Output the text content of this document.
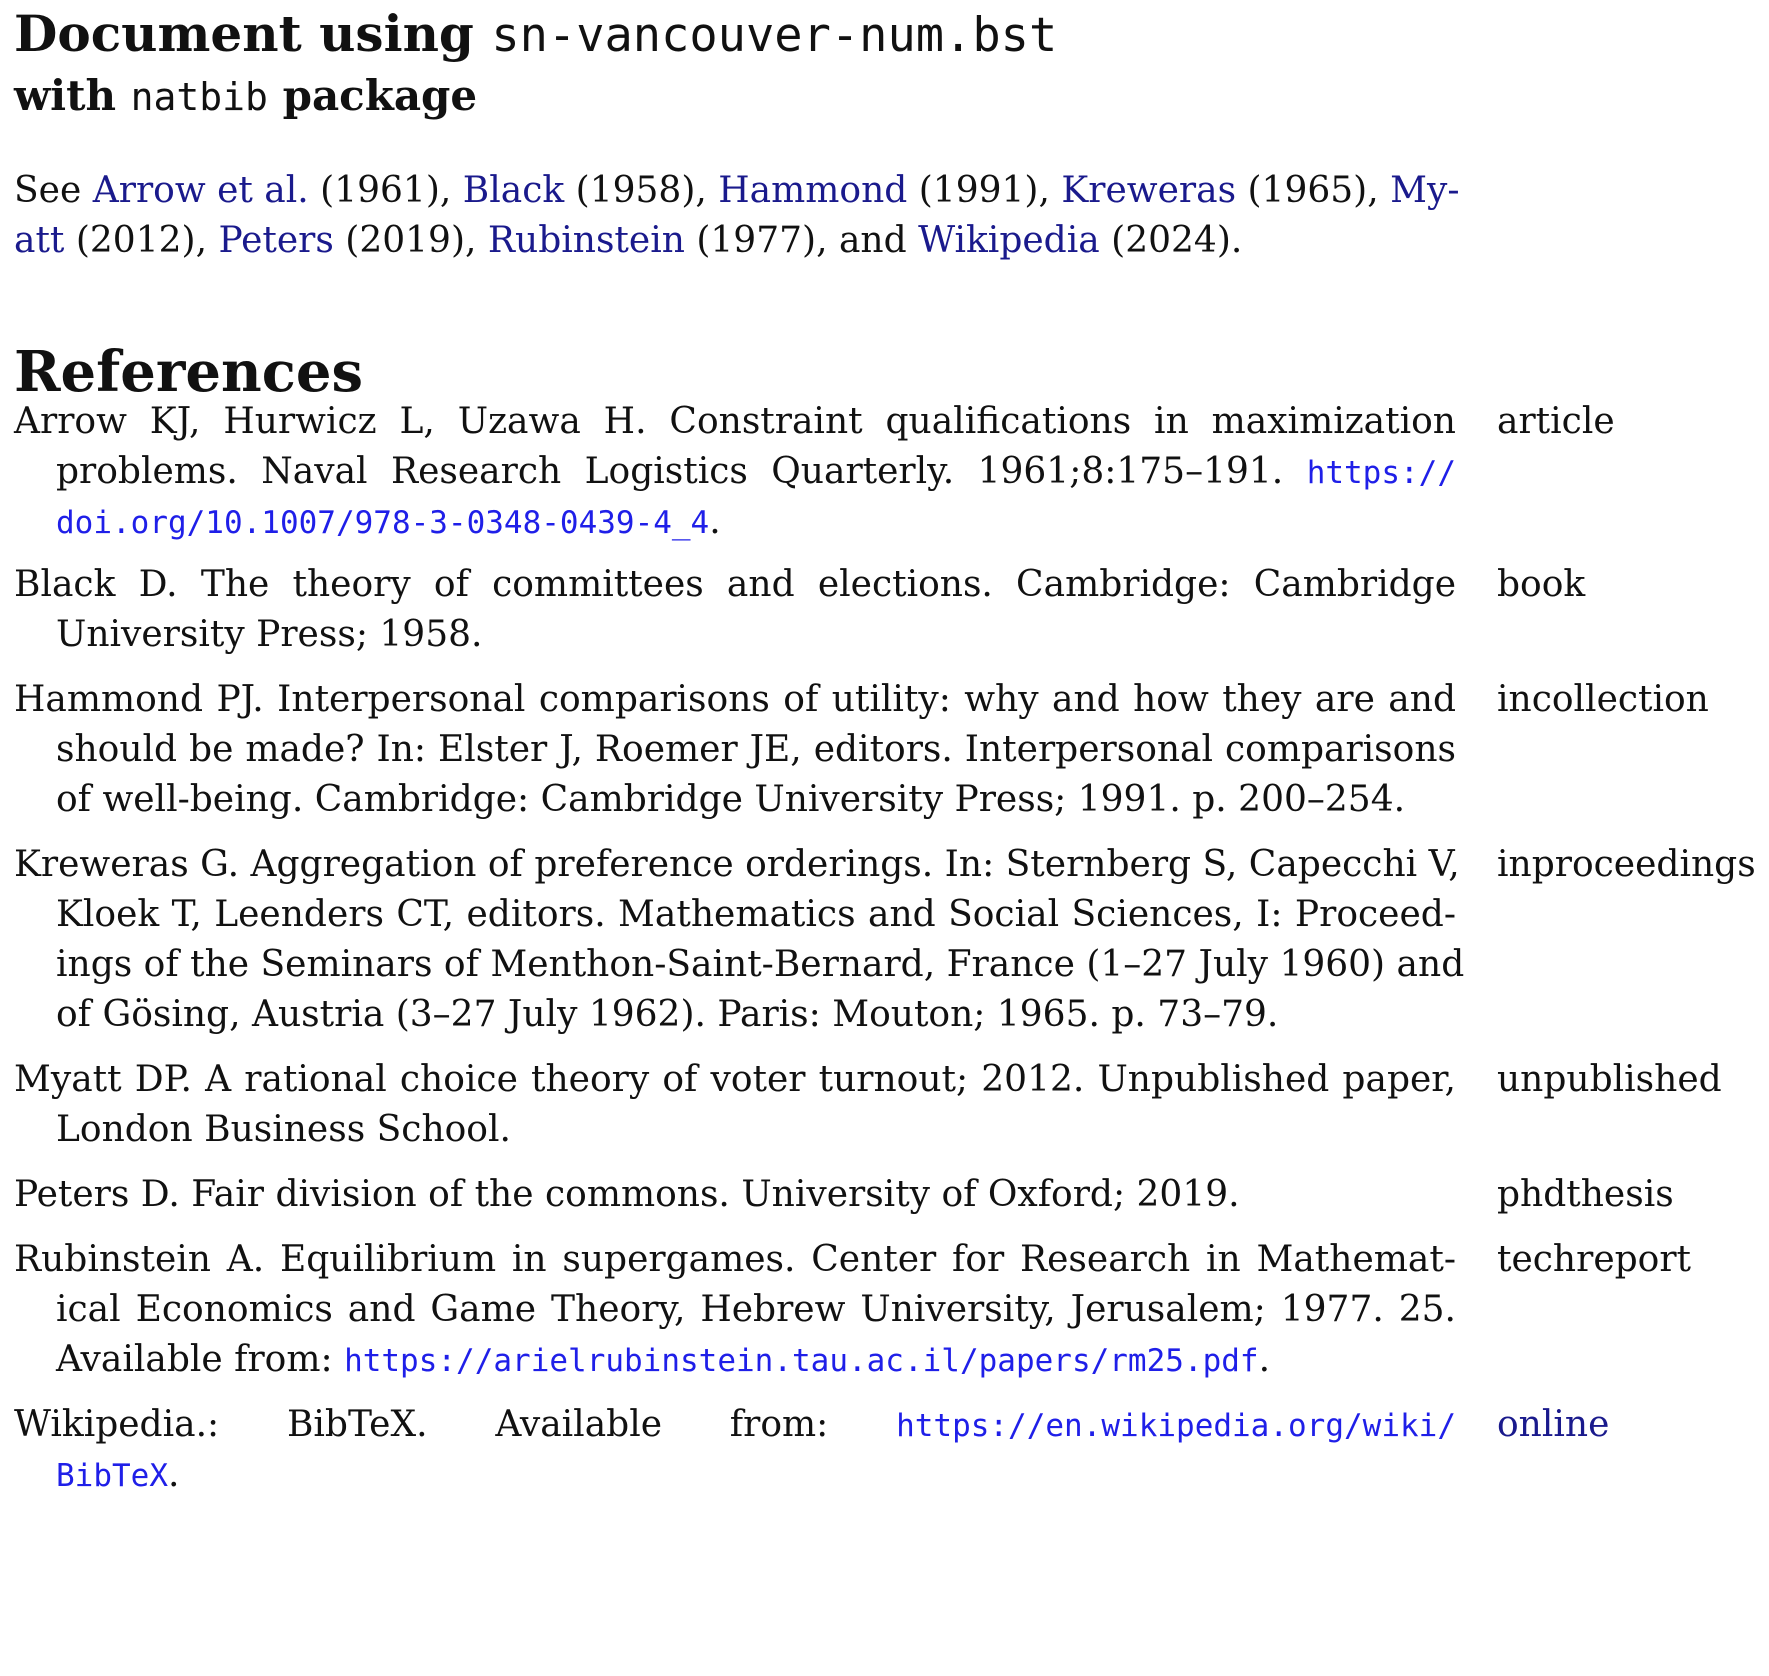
Document using sn-vancouver-num.bst
with natbib package
See Arrow et al. (1961), Black (1958), Hammond (1991), Kreweras (1965), My-
att (2012), Peters (2019), Rubinstein (1977), and Wikipedia (2024).
References
Arrow KJ, Hurwicz L, Uzawa H. Constraint qualifications in maximization
problems. Naval Research Logistics Quarterly. 1961;8:175–191. https://
doi.org/10.1007/978-3-0348-0439-4_4.
article
Black D. The theory of committees and elections. Cambridge: Cambridge
University Press; 1958.
book
Hammond PJ. Interpersonal comparisons of utility: why and how they are and
should be made? In: Elster J, Roemer JE, editors. Interpersonal comparisons
of well-being. Cambridge: Cambridge University Press; 1991. p. 200–254.
incollection
Kreweras G. Aggregation of preference orderings. In: Sternberg S, Capecchi V,
Kloek T, Leenders CT, editors. Mathematics and Social Sciences, I: Proceed-
ings of the Seminars of Menthon-Saint-Bernard, France (1–27 July 1960) and
of Gösing, Austria (3–27 July 1962). Paris: Mouton; 1965. p. 73–79.
inproceedings
Myatt DP. A rational choice theory of voter turnout; 2012. Unpublished paper,
London Business School.
unpublished
Peters D. Fair division of the commons. University of Oxford; 2019.	phdthesis
Rubinstein A. Equilibrium in supergames. Center for Research in Mathemat-
ical Economics and Game Theory, Hebrew University, Jerusalem; 1977. 25.
Available from: https://arielrubinstein.tau.ac.il/papers/rm25.pdf.
techreport
Wikipedia.: BibTeX. Available from: https://en.wikipedia.org/wiki/
BibTeX.
online
